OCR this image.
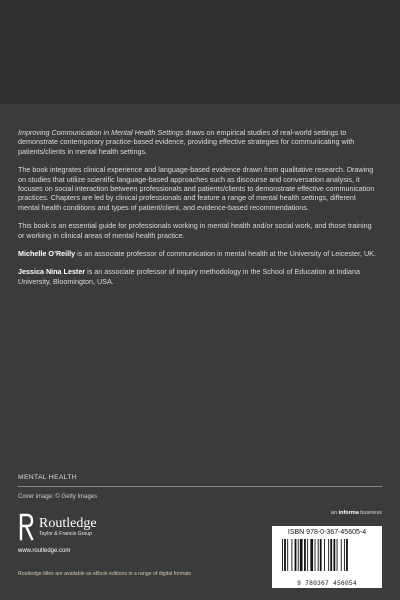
Improving Communication in Mental Health Settings draws on empirical studies of real-world settings to demonstrate contemporary practice-based evidence, providing effective strategies for communicating with patients/clients in mental health settings.

The book integrates clinical experience and language-based evidence drawn from qualitative research. Drawing on studies that utilize scientific language-based approaches such as discourse and conversation analysis, it focuses on social interaction between professionals and patients/clients to demonstrate effective communication practices. Chapters are led by clinical professionals and feature a range of mental health settings, different mental health conditions and types of patient/client, and evidence-based recommendations.

This book is an essential guide for professionals working in mental health and/or social work, and those training or working in clinical areas of mental health practice.

Michelle O’Reilly is an associate professor of communication in mental health at the University of Leicester, UK.

Jessica Nina Lester is an associate professor of inquiry methodology in the School of Education at Indiana University, Bloomington, USA.

MENTAL HEALTH
Cover image: © Getty Images
Routledge
Taylor & Francis Group
www.routledge.com
Routledge titles are available as eBook editions in a range of digital formats
an informa business
ISBN 978-0-367-45605-4
9 780367 456054
